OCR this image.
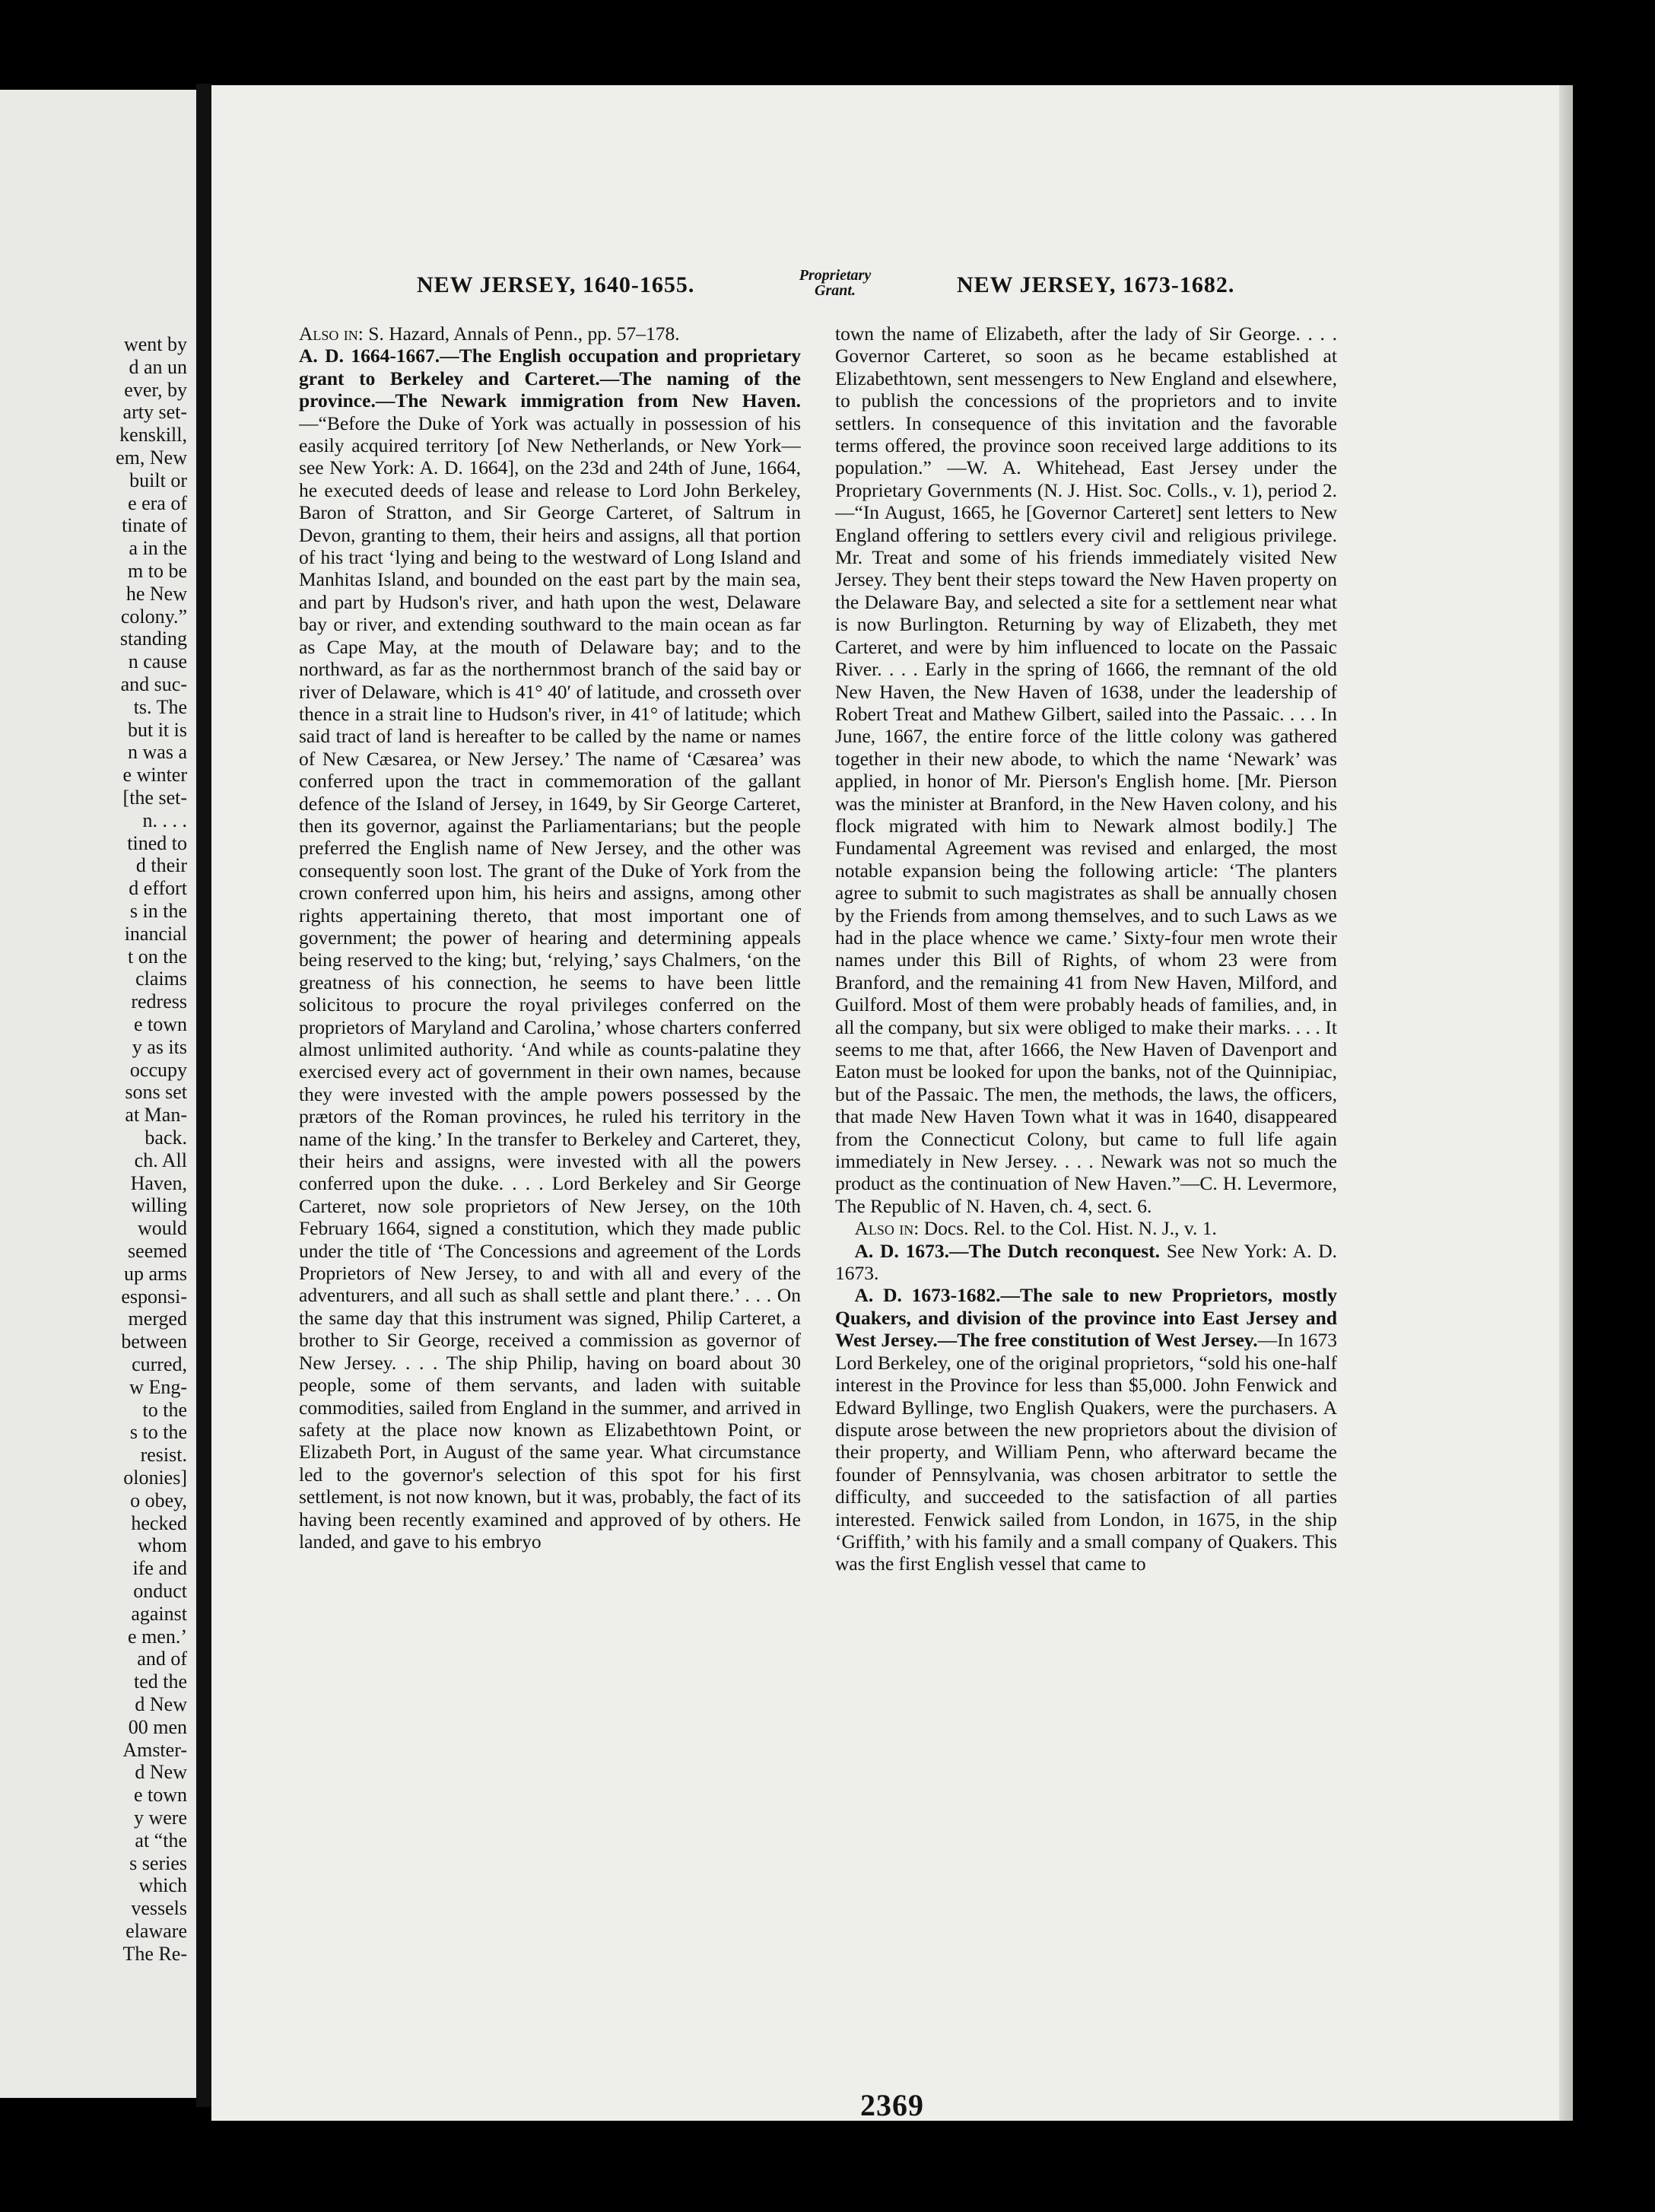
went by
d an un
ever, by
arty set-
kenskill,
em, New
built or
e era of
tinate of
a in the
m to be
he New
colony.”
standing
n cause
and suc-
ts. The
but it is
n was a
e winter
[the set-
n. . . .
tined to
d their
d effort
s in the
inancial
t on the
claims
redress
e town
y as its
occupy
sons set
at Man-
back.
ch. All
Haven,
willing
would
seemed
up arms
esponsi-
merged
between
curred,
w Eng-
to the
s to the
resist.
olonies]
o obey,
hecked
whom
ife and
onduct
against
e men.’
and of
ted the
d New
00 men
Amster-
d New
e town
y were
at “the
s series
which
vessels
elaware
The Re-
NEW JERSEY, 1640-1655.	Proprietary
Grant.	NEW JERSEY, 1673-1682.

Also in: S. Hazard, Annals of Penn., pp. 57–178.

A. D. 1664-1667.—The English occupation and proprietary grant to Berkeley and Carteret.—The naming of the province.—The Newark immigration from New Haven.—“Before the Duke of York was actually in possession of his easily acquired territory [of New Netherlands, or New York—see New York: A. D. 1664], on the 23d and 24th of June, 1664, he executed deeds of lease and release to Lord John Berkeley, Baron of Stratton, and Sir George Carteret, of Saltrum in Devon, granting to them, their heirs and assigns, all that portion of his tract ‘lying and being to the westward of Long Island and Manhitas Island, and bounded on the east part by the main sea, and part by Hudson's river, and hath upon the west, Delaware bay or river, and extending southward to the main ocean as far as Cape May, at the mouth of Delaware bay; and to the northward, as far as the northernmost branch of the said bay or river of Delaware, which is 41° 40′ of latitude, and crosseth over thence in a strait line to Hudson's river, in 41° of latitude; which said tract of land is hereafter to be called by the name or names of New Cæsarea, or New Jersey.’ The name of ‘Cæsarea’ was conferred upon the tract in commemoration of the gallant defence of the Island of Jersey, in 1649, by Sir George Carteret, then its governor, against the Parliamentarians; but the people preferred the English name of New Jersey, and the other was consequently soon lost. The grant of the Duke of York from the crown conferred upon him, his heirs and assigns, among other rights appertaining thereto, that most important one of government; the power of hearing and determining appeals being reserved to the king; but, ‘relying,’ says Chalmers, ‘on the greatness of his connection, he seems to have been little solicitous to procure the royal privileges conferred on the proprietors of Maryland and Carolina,’ whose charters conferred almost unlimited authority. ‘And while as counts-palatine they exercised every act of government in their own names, because they were invested with the ample powers possessed by the prætors of the Roman provinces, he ruled his territory in the name of the king.’ In the transfer to Berkeley and Carteret, they, their heirs and assigns, were invested with all the powers conferred upon the duke. . . . Lord Berkeley and Sir George Carteret, now sole proprietors of New Jersey, on the 10th February 1664, signed a constitution, which they made public under the title of ‘The Concessions and agreement of the Lords Proprietors of New Jersey, to and with all and every of the adventurers, and all such as shall settle and plant there.’ . . . On the same day that this instrument was signed, Philip Carteret, a brother to Sir George, received a commission as governor of New Jersey. . . . The ship Philip, having on board about 30 people, some of them servants, and laden with suitable commodities, sailed from England in the summer, and arrived in safety at the place now known as Elizabethtown Point, or Elizabeth Port, in August of the same year. What circumstance led to the governor's selection of this spot for his first settlement, is not now known, but it was, probably, the fact of its having been recently examined and approved of by others. He landed, and gave to his embryo

town the name of Elizabeth, after the lady of Sir George. . . . Governor Carteret, so soon as he became established at Elizabethtown, sent messengers to New England and elsewhere, to publish the concessions of the proprietors and to invite settlers. In consequence of this invitation and the favorable terms offered, the province soon received large additions to its population.” —W. A. Whitehead, East Jersey under the Proprietary Governments (N. J. Hist. Soc. Colls., v. 1), period 2.—“In August, 1665, he [Governor Carteret] sent letters to New England offering to settlers every civil and religious privilege. Mr. Treat and some of his friends immediately visited New Jersey. They bent their steps toward the New Haven property on the Delaware Bay, and selected a site for a settlement near what is now Burlington. Returning by way of Elizabeth, they met Carteret, and were by him influenced to locate on the Passaic River. . . . Early in the spring of 1666, the remnant of the old New Haven, the New Haven of 1638, under the leadership of Robert Treat and Mathew Gilbert, sailed into the Passaic. . . . In June, 1667, the entire force of the little colony was gathered together in their new abode, to which the name ‘Newark’ was applied, in honor of Mr. Pierson's English home. [Mr. Pierson was the minister at Branford, in the New Haven colony, and his flock migrated with him to Newark almost bodily.] The Fundamental Agreement was revised and enlarged, the most notable expansion being the following article: ‘The planters agree to submit to such magistrates as shall be annually chosen by the Friends from among themselves, and to such Laws as we had in the place whence we came.’ Sixty-four men wrote their names under this Bill of Rights, of whom 23 were from Branford, and the remaining 41 from New Haven, Milford, and Guilford. Most of them were probably heads of families, and, in all the company, but six were obliged to make their marks. . . . It seems to me that, after 1666, the New Haven of Davenport and Eaton must be looked for upon the banks, not of the Quinnipiac, but of the Passaic. The men, the methods, the laws, the officers, that made New Haven Town what it was in 1640, disappeared from the Connecticut Colony, but came to full life again immediately in New Jersey. . . . Newark was not so much the product as the continuation of New Haven.”—C. H. Levermore, The Republic of N. Haven, ch. 4, sect. 6.

 Also in: Docs. Rel. to the Col. Hist. N. J., v. 1.

 A. D. 1673.—The Dutch reconquest. See New York: A. D. 1673.

 A. D. 1673-1682.—The sale to new Proprietors, mostly Quakers, and division of the province into East Jersey and West Jersey.—The free constitution of West Jersey.—In 1673 Lord Berkeley, one of the original proprietors, “sold his one-half interest in the Province for less than $5,000. John Fenwick and Edward Byllinge, two English Quakers, were the purchasers. A dispute arose between the new proprietors about the division of their property, and William Penn, who afterward became the founder of Pennsylvania, was chosen arbitrator to settle the difficulty, and succeeded to the satisfaction of all parties interested. Fenwick sailed from London, in 1675, in the ship ‘Griffith,’ with his family and a small company of Quakers. This was the first English vessel that came to

2369
